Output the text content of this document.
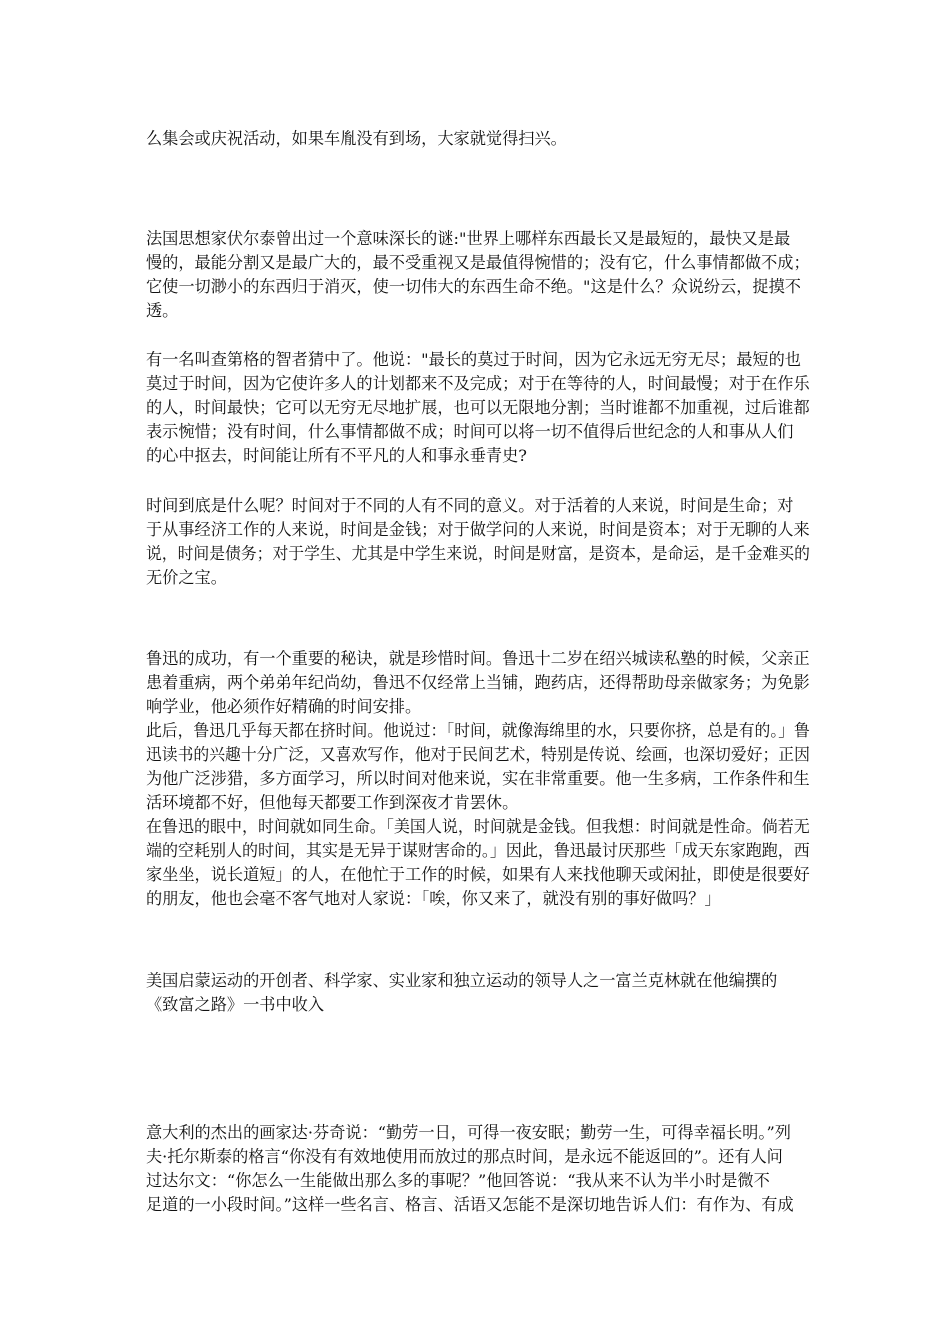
么集会或庆祝活动，如果车胤没有到场，大家就觉得扫兴。
法国思想家伏尔泰曾出过一个意味深长的谜:"世界上哪样东西最长又是最短的，最快又是最
慢的，最能分割又是最广大的，最不受重视又是最值得惋惜的；没有它，什么事情都做不成；
它使一切渺小的东西归于消灭，使一切伟大的东西生命不绝。"这是什么？众说纷云，捉摸不
透。
有一名叫查第格的智者猜中了。他说："最长的莫过于时间，因为它永远无穷无尽；最短的也
莫过于时间，因为它使许多人的计划都来不及完成；对于在等待的人，时间最慢；对于在作乐
的人，时间最快；它可以无穷无尽地扩展，也可以无限地分割；当时谁都不加重视，过后谁都
表示惋惜；没有时间，什么事情都做不成；时间可以将一切不值得后世纪念的人和事从人们
的心中抠去，时间能让所有不平凡的人和事永垂青史?
时间到底是什么呢？时间对于不同的人有不同的意义。对于活着的人来说，时间是生命；对
于从事经济工作的人来说，时间是金钱；对于做学问的人来说，时间是资本；对于无聊的人来
说，时间是债务；对于学生、尤其是中学生来说，时间是财富，是资本，是命运，是千金难买的
无价之宝。
鲁迅的成功，有一个重要的秘诀，就是珍惜时间。鲁迅十二岁在绍兴城读私塾的时候，父亲正
患着重病，两个弟弟年纪尚幼，鲁迅不仅经常上当铺，跑药店，还得帮助母亲做家务；为免影
响学业，他必须作好精确的时间安排。
此后，鲁迅几乎每天都在挤时间。他说过：「时间，就像海绵里的水，只要你挤，总是有的。」鲁
迅读书的兴趣十分广泛，又喜欢写作，他对于民间艺术，特别是传说、绘画，也深切爱好；正因
为他广泛涉猎，多方面学习，所以时间对他来说，实在非常重要。他一生多病，工作条件和生
活环境都不好，但他每天都要工作到深夜才肯罢休。
在鲁迅的眼中，时间就如同生命。「美国人说，时间就是金钱。但我想：时间就是性命。倘若无
端的空耗别人的时间，其实是无异于谋财害命的。」因此，鲁迅最讨厌那些「成天东家跑跑，西
家坐坐，说长道短」的人，在他忙于工作的时候，如果有人来找他聊天或闲扯，即使是很要好
的朋友，他也会毫不客气地对人家说：「唉，你又来了，就没有别的事好做吗？」
美国启蒙运动的开创者、科学家、实业家和独立运动的领导人之一富兰克林就在他编撰的
《致富之路》一书中收入
意大利的杰出的画家达·芬奇说：“勤劳一日，可得一夜安眠；勤劳一生，可得幸福长明。”列
夫·托尔斯泰的格言“你没有有效地使用而放过的那点时间，是永远不能返回的”。还有人问
过达尔文：“你怎么一生能做出那么多的事呢？”他回答说：“我从来不认为半小时是微不
足道的一小段时间。”这样一些名言、格言、活语又怎能不是深切地告诉人们：有作为、有成
